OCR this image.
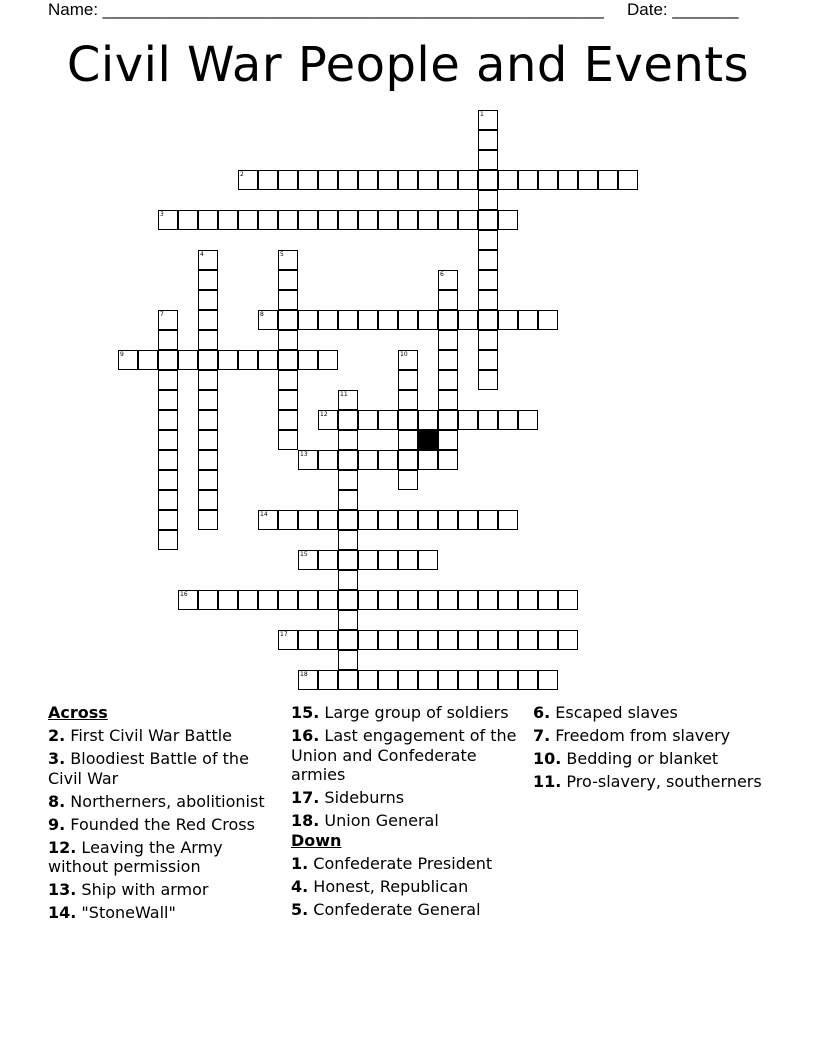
Name: _____________________________________________________ Date: _______
Civil War People and Events
2
3
8
9
12
13
14
15
16
17
18
1
4	5
6
7
10
11
Across
2. First Civil War Battle
3. Bloodiest Battle of the Civil War
8. Northerners, abolitionist
9. Founded the Red Cross
12. Leaving the Army without permission
13. Ship with armor
14. "StoneWall"
15. Large group of soldiers
16. Last engagement of the Union and Confederate armies
17. Sideburns
18. Union General
Down
1. Confederate President
4. Honest, Republican
5. Confederate General
6. Escaped slaves
7. Freedom from slavery
10. Bedding or blanket
11. Pro-slavery, southerners
